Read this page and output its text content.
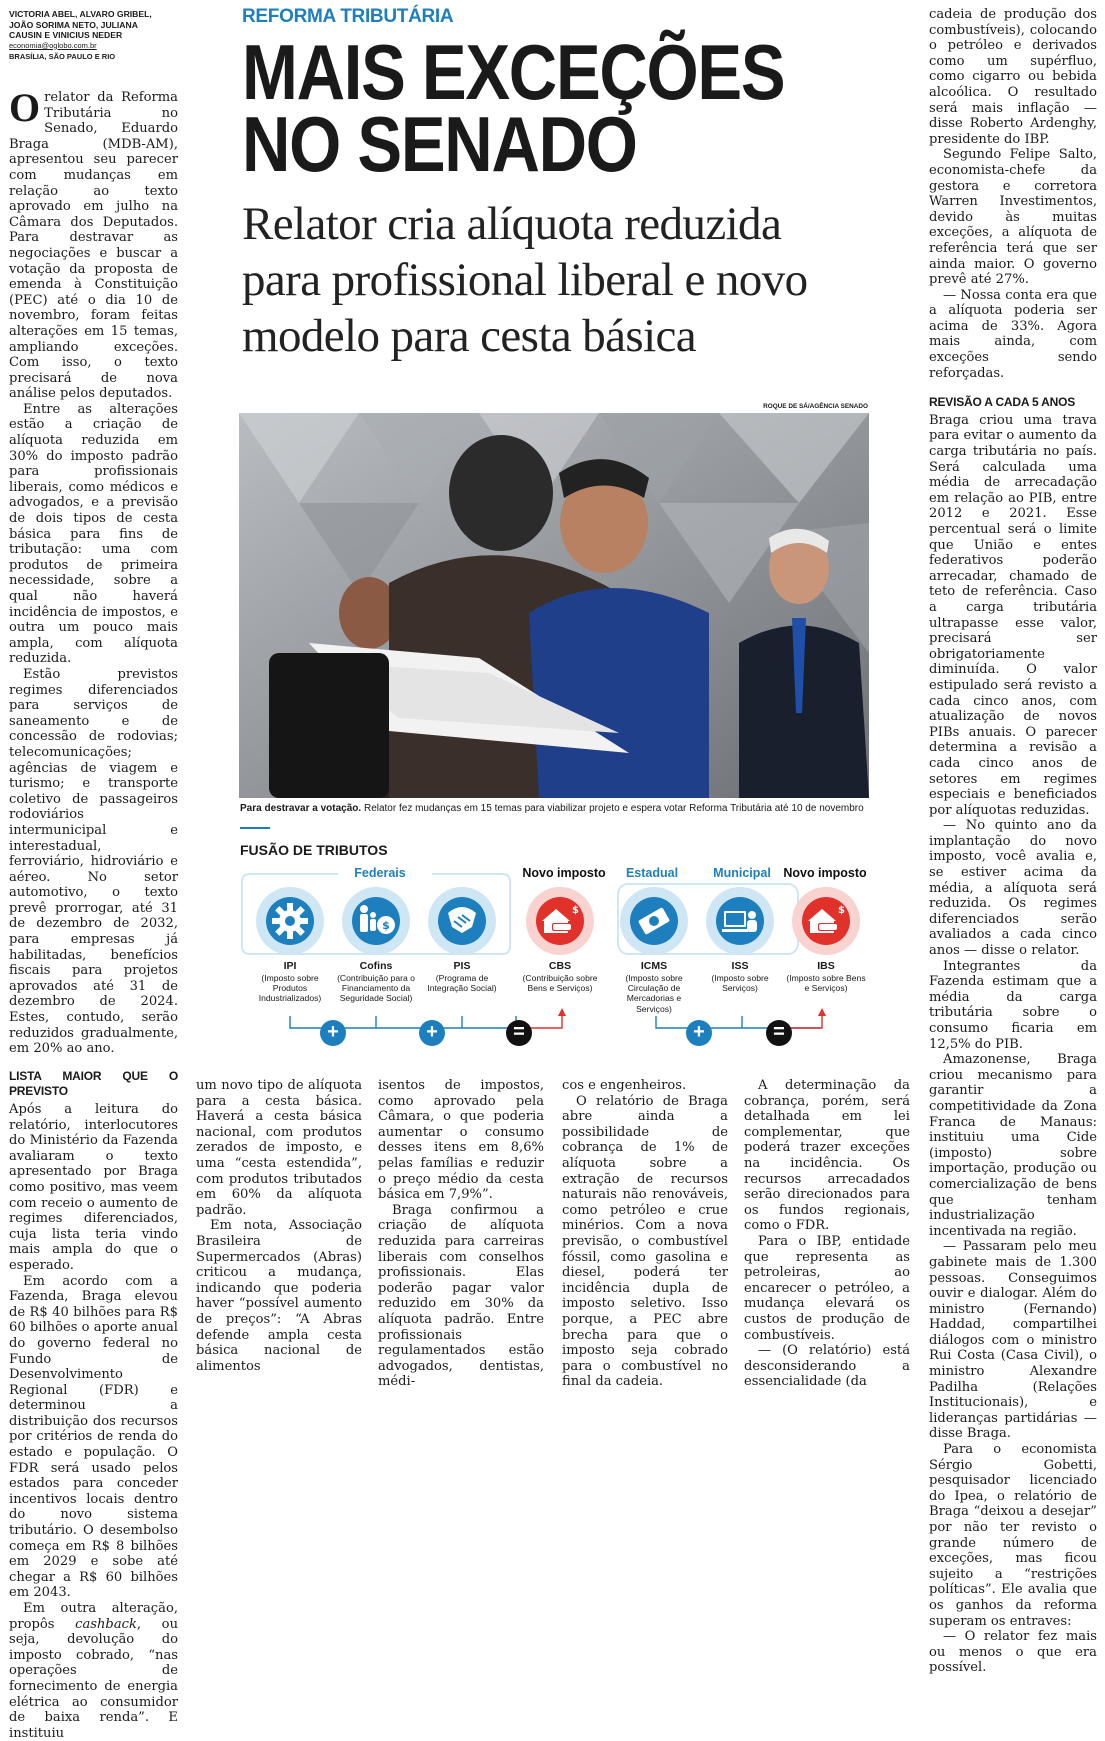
VICTORIA ABEL, ALVARO GRIBEL,
JOÃO SORIMA NETO, JULIANA
CAUSIN E VINICIUS NEDER
economia@oglobo.com.br
BRASÍLIA, SÃO PAULO E RIO

Orelator da Reforma Tributária no Senado, Eduardo Braga (MDB-AM), apresentou seu parecer com mudanças em relação ao texto aprovado em julho na Câmara dos Deputados. Para destravar as negociações e buscar a votação da proposta de emenda à Constituição (PEC) até o dia 10 de novembro, foram feitas alterações em 15 temas, ampliando exceções. Com isso, o texto precisará de nova análise pelos deputados.

Entre as alterações estão a criação de alíquota reduzida em 30% do imposto padrão para profissionais liberais, como médicos e advogados, e a previsão de dois tipos de cesta básica para fins de tributação: uma com produtos de primeira necessidade, sobre a qual não haverá incidência de impostos, e outra um pouco mais ampla, com alíquota reduzida.

Estão previstos regimes diferenciados para serviços de saneamento e de concessão de rodovias; telecomunicações; agências de viagem e turismo; e transporte coletivo de passageiros rodoviários intermunicipal e interestadual, ferroviário, hidroviário e aéreo. No setor automotivo, o texto prevê prorrogar, até 31 de dezembro de 2032, para empresas já habilitadas, benefícios fiscais para projetos aprovados até 31 de dezembro de 2024. Estes, contudo, serão reduzidos gradualmente, em 20% ao ano.

LISTA MAIOR QUE O PREVISTO

Após a leitura do relatório, interlocutores do Ministério da Fazenda avaliaram o texto apresentado por Braga como positivo, mas veem com receio o aumento de regimes diferenciados, cuja lista teria vindo mais ampla do que o esperado.

Em acordo com a Fazenda, Braga elevou de R$ 40 bilhões para R$ 60 bilhões o aporte anual do governo federal no Fundo de Desenvolvimento Regional (FDR) e determinou a distribuição dos recursos por critérios de renda do estado e população. O FDR será usado pelos estados para conceder incentivos locais dentro do novo sistema tributário. O desembolso começa em R$ 8 bilhões em 2029 e sobe até chegar a R$ 60 bilhões em 2043.

Em outra alteração, propôs cashback, ou seja, devolução do imposto cobrado, “nas operações de fornecimento de energia elétrica ao consumidor de baixa renda”. E instituiu

REFORMA TRIBUTÁRIA
MAIS EXCEÇÕES
NO SENADO
Relator cria alíquota reduzida
para profissional liberal e novo
modelo para cesta básica
ROQUE DE SÁ/AGÊNCIA SENADO
Para destravar a votação. Relator fez mudanças em 15 temas para viabilizar projeto e espera votar Reforma Tributária até 10 de novembro
FUSÃO DE TRIBUTOS
Federais	Novo imposto	Estadual	Municipal	Novo imposto
$
$	$
IPI
(Imposto sobre Produtos Industrializados)
Cofins
(Contribuição para o Financiamento da Seguridade Social)
PIS
(Programa de Integração Social)
CBS
(Contribuição sobre Bens e Serviços)
ICMS
(Imposto sobre Circulação de Mercadorias e Serviços)
ISS
(Imposto sobre Serviços)
IBS
(Imposto sobre Bens e Serviços)
+	+	=	+	=

um novo tipo de alíquota para a cesta básica. Haverá a cesta básica nacional, com produtos zerados de imposto, e uma “cesta estendida”, com produtos tributados em 60% da alíquota padrão.

Em nota, Associação Brasileira de Supermercados (Abras) criticou a mudança, indicando que poderia haver “possível aumento de preços”: “A Abras defende ampla cesta básica nacional de alimentos

isentos de impostos, como aprovado pela Câmara, o que poderia aumentar o consumo desses itens em 8,6% pelas famílias e reduzir o preço médio da cesta básica em 7,9%”.

Braga confirmou a criação de alíquota reduzida para carreiras liberais com conselhos profissionais. Elas poderão pagar valor reduzido em 30% da alíquota padrão. Entre profissionais regulamentados estão advogados, dentistas, médi-

cos e engenheiros.

O relatório de Braga abre ainda a possibilidade de cobrança de 1% de alíquota sobre a extração de recursos naturais não renováveis, como petróleo e crue minérios. Com a nova previsão, o combustível fóssil, como gasolina e diesel, poderá ter incidência dupla de imposto seletivo. Isso porque, a PEC abre brecha para que o imposto seja cobrado para o combustível no final da cadeia.

A determinação da cobrança, porém, será detalhada em lei complementar, que poderá trazer exceções na incidência. Os recursos arrecadados serão direcionados para os fundos regionais, como o FDR.

Para o IBP, entidade que representa as petroleiras, ao encarecer o petróleo, a mudança elevará os custos de produção de combustíveis.

— (O relatório) está desconsiderando a essencialidade (da

cadeia de produção dos combustíveis), colocando o petróleo e derivados como um supérfluo, como cigarro ou bebida alcoólica. O resultado será mais inflação — disse Roberto Ardenghy, presidente do IBP.

Segundo Felipe Salto, economista-chefe da gestora e corretora Warren Investimentos, devido às muitas exceções, a alíquota de referência terá que ser ainda maior. O governo prevê até 27%.

— Nossa conta era que a alíquota poderia ser acima de 33%. Agora mais ainda, com exceções sendo reforçadas.

REVISÃO A CADA 5 ANOS

Braga criou uma trava para evitar o aumento da carga tributária no país. Será calculada uma média de arrecadação em relação ao PIB, entre 2012 e 2021. Esse percentual será o limite que União e entes federativos poderão arrecadar, chamado de teto de referência. Caso a carga tributária ultrapasse esse valor, precisará ser obrigatoriamente diminuída. O valor estipulado será revisto a cada cinco anos, com atualização de novos PIBs anuais. O parecer determina a revisão a cada cinco anos de setores em regimes especiais e beneficiados por alíquotas reduzidas.

— No quinto ano da implantação do novo imposto, você avalia e, se estiver acima da média, a alíquota será reduzida. Os regimes diferenciados serão avaliados a cada cinco anos — disse o relator.

Integrantes da Fazenda estimam que a média da carga tributária sobre o consumo ficaria em 12,5% do PIB.

Amazonense, Braga criou mecanismo para garantir a competitividade da Zona Franca de Manaus: instituiu uma Cide (imposto) sobre importação, produção ou comercialização de bens que tenham industrialização incentivada na região.

— Passaram pelo meu gabinete mais de 1.300 pessoas. Conseguimos ouvir e dialogar. Além do ministro (Fernando) Haddad, compartilhei diálogos com o ministro Rui Costa (Casa Civil), o ministro Alexandre Padilha (Relações Institucionais), e lideranças partidárias — disse Braga.

Para o economista Sérgio Gobetti, pesquisador licenciado do Ipea, o relatório de Braga “deixou a desejar” por não ter revisto o grande número de exceções, mas ficou sujeito a “restrições políticas”. Ele avalia que os ganhos da reforma superam os entraves:

— O relator fez mais ou menos o que era possível.
